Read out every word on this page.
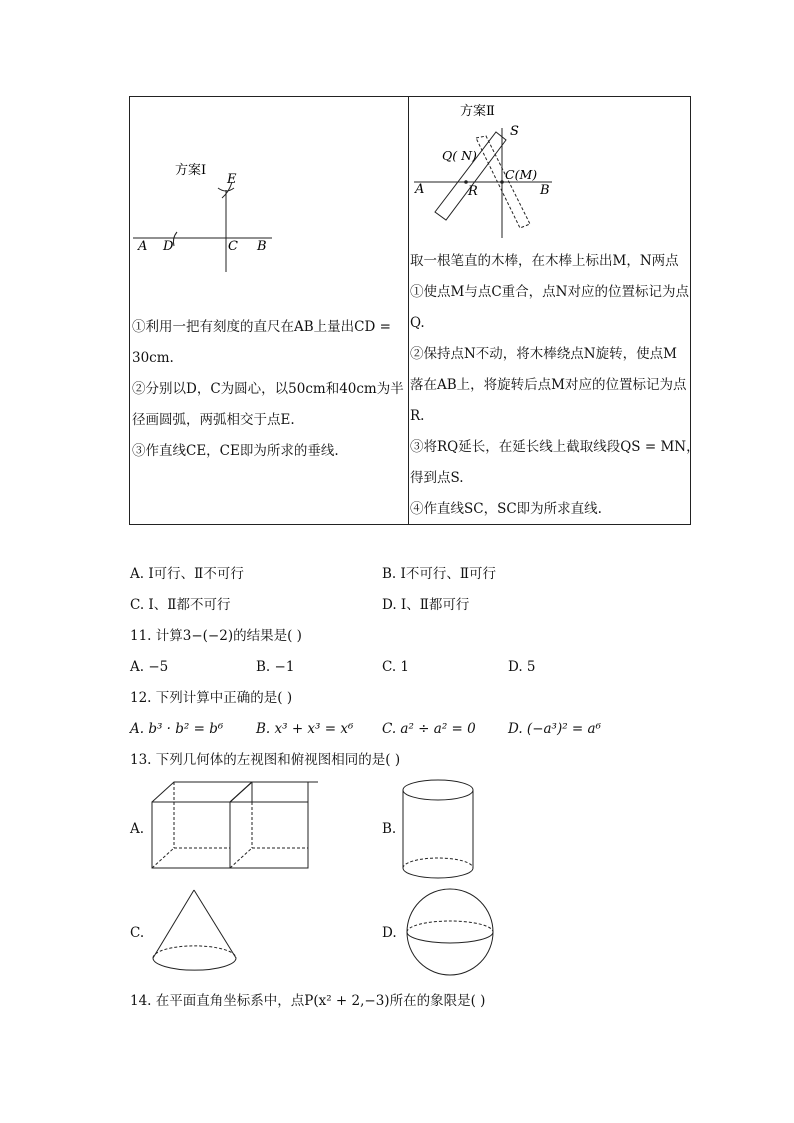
方案Ⅰ
E
A D	C B
①利用一把有刻度的直尺在AB上量出CD =
30cm.
②分别以D，C为圆心，以50cm和40cm为半
径画圆弧，两弧相交于点E.
③作直线CE，CE即为所求的垂线.
方案Ⅱ
S
Q( N)
C(M)
A	R	B
取一根笔直的木棒，在木棒上标出M，N两点
①使点M与点C重合，点N对应的位置标记为点
Q.
②保持点N不动，将木棒绕点N旋转，使点M
落在AB上，将旋转后点M对应的位置标记为点
R.
③将RQ延长，在延长线上截取线段QS = MN，
得到点S.
④作直线SC，SC即为所求直线.
A. Ⅰ可行、Ⅱ不可行	B. Ⅰ不可行、Ⅱ可行
C. Ⅰ、Ⅱ都不可行	D. Ⅰ、Ⅱ都可行
11. 计算3−(−2)的结果是( )
A. −5	B. −1	C. 1	D. 5
12. 下列计算中正确的是( )
A. b³ · b² = b⁶ B. x³ + x³ = x⁶ C. a² ÷ a² = 0 D. (−a³)² = a⁶
13. 下列几何体的左视图和俯视图相同的是( )
A.	B.
C.	D.
14. 在平面直角坐标系中，点P(x² + 2,−3)所在的象限是( )
